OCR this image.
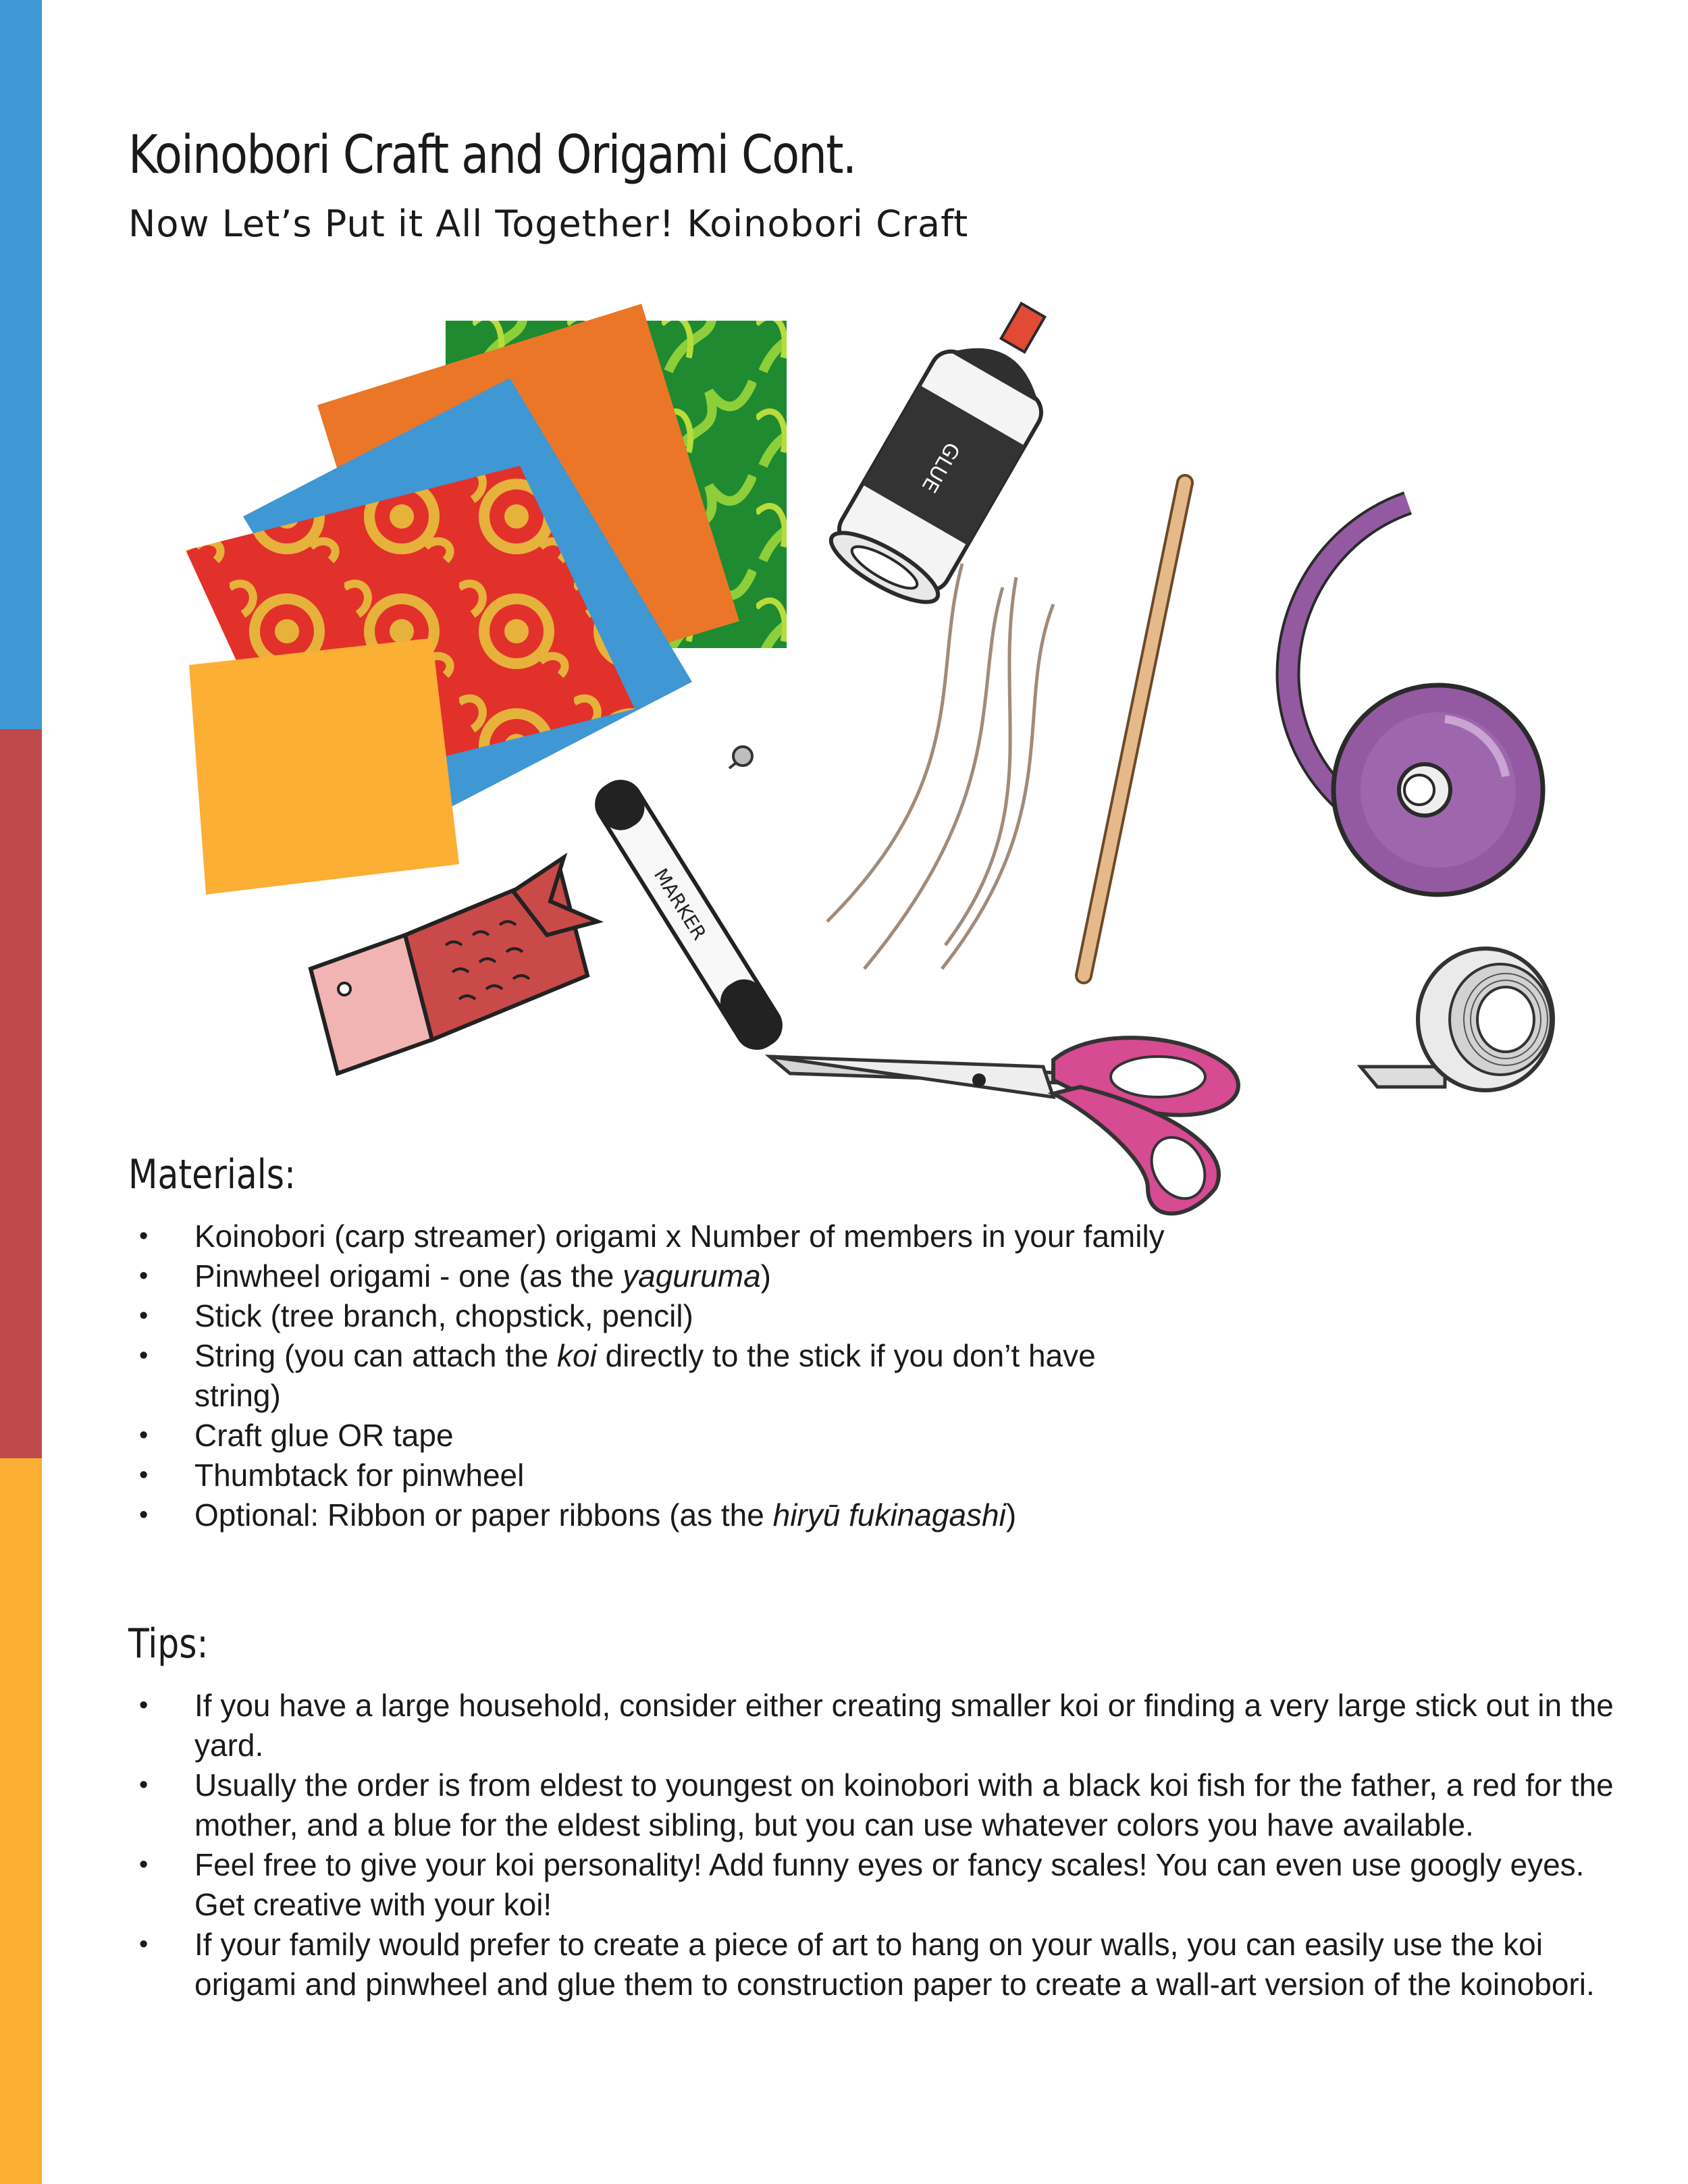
Koinobori Craft and Origami Cont.
Now Let’s Put it All Together! Koinobori Craft
GLUE
MARKER
Materials:
• Koinobori (carp streamer) origami x Number of members in your family
• Pinwheel origami - one (as the yaguruma)
• Stick (tree branch, chopstick, pencil)
• String (you can attach the koi directly to the stick if you don’t have string)
• Craft glue OR tape
• Thumbtack for pinwheel
• Optional: Ribbon or paper ribbons (as the hiryū fukinagashi)
Tips:
• If you have a large household, consider either creating smaller koi or finding a very large stick out in the yard.
• Usually the order is from eldest to youngest on koinobori with a black koi fish for the father, a red for the mother, and a blue for the eldest sibling, but you can use whatever colors you have available.
• Feel free to give your koi personality! Add funny eyes or fancy scales! You can even use googly eyes. Get creative with your koi!
• If your family would prefer to create a piece of art to hang on your walls, you can easily use the koi origami and pinwheel and glue them to construction paper to create a wall-art version of the koinobori.
